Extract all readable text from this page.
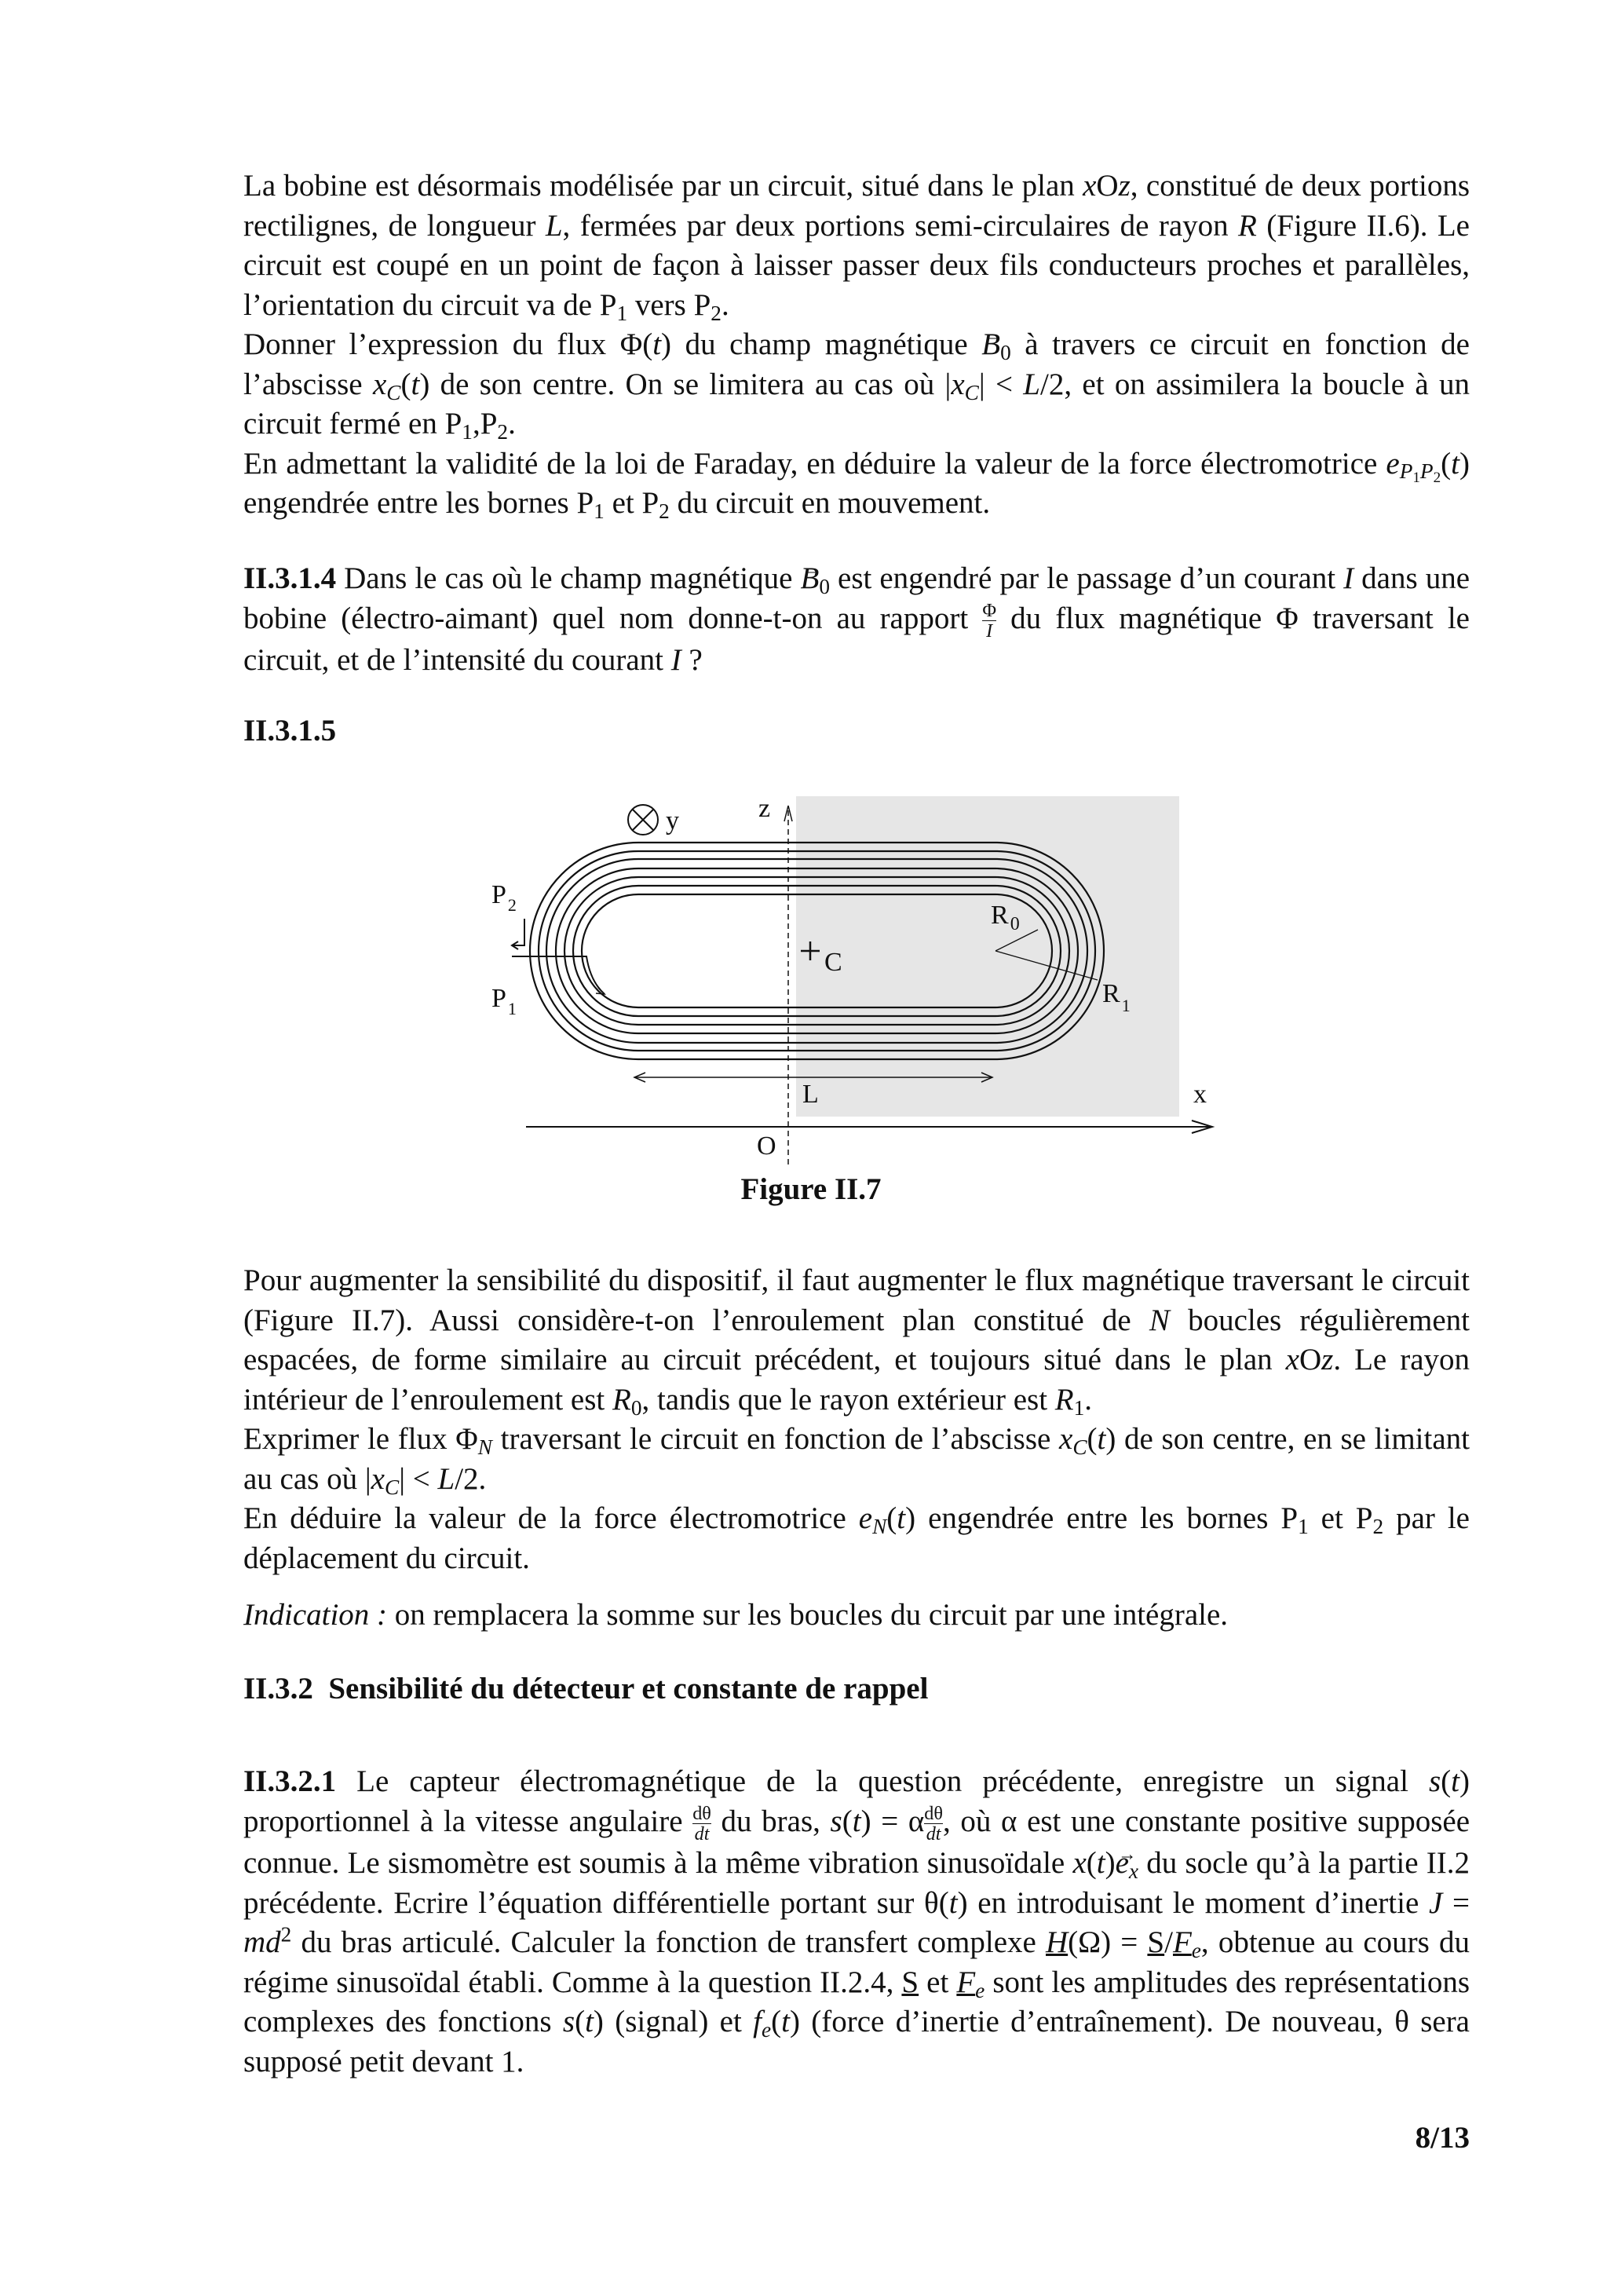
La bobine est désormais modélisée par un circuit, situé dans le plan xOz, constitué de deux portions rectilignes, de longueur L, fermées par deux portions semi-circulaires de rayon R (Figure II.6). Le circuit est coupé en un point de façon à laisser passer deux fils conducteurs proches et parallèles, l’orientation du circuit va de $P_1$ vers $P_2$.

Donner l’expression du flux Φ(t) du champ magnétique → $B_0$ à travers ce circuit en fonction de l’abscisse $x_C(t)$ de son centre. On se limitera au cas où $|x_C| < L/2$, et on assimilera la boucle à un circuit fermé en $P_1,P_2$.

En admettant la validité de la loi de Faraday, en déduire la valeur de la force électromotrice $e_{P_1P_2}(t)$ engendrée entre les bornes $P_1$ et $P_2$ du circuit en mouvement.

II.3.1.4 Dans le cas où le champ magnétique → $B_0$ est engendré par le passage d’un courant I dans une bobine (électro-aimant) quel nom donne-t-on au rapport $\frac{\Phi}{I}$ du flux magnétique Φ traversant le circuit, et de l’intensité du courant I ?

II.3.1.5
y	z
x
O
L
C
$P_2$
$P_1$
$R_0$
$R_1$
Figure II.7

Pour augmenter la sensibilité du dispositif, il faut augmenter le flux magnétique traversant le circuit (Figure II.7). Aussi considère-t-on l’enroulement plan constitué de N boucles régulièrement espacées, de forme similaire au circuit précédent, et toujours situé dans le plan xOz. Le rayon intérieur de l’enroulement est $R_0$, tandis que le rayon extérieur est $R_1$.

Exprimer le flux $\Phi_N$ traversant le circuit en fonction de l’abscisse $x_C(t)$ de son centre, en se limitant au cas où $|x_C| < L/2$.

En déduire la valeur de la force électromotrice $e_N(t)$ engendrée entre les bornes $P_1$ et $P_2$ par le déplacement du circuit.

Indication : on remplacera la somme sur les boucles du circuit par une intégrale.
II.3.2 Sensibilité du détecteur et constante de rappel

II.3.2.1 Le capteur électromagnétique de la question précédente, enregistre un signal s(t) proportionnel à la vitesse angulaire $\frac{d\theta}{dt}$ du bras, s(t) = α $\frac{d\theta}{dt}$ , où α est une constante positive supposée connue. Le sismomètre est soumis à la même vibration sinusoïdale $x(t)\to e_x$ du socle qu’à la partie II.2 précédente. Ecrire l’équation différentielle portant sur θ(t) en introduisant le moment d’inertie $J = md^2$ du bras articulé. Calculer la fonction de transfert complexe $H(\Omega) = S/F_e$, obtenue au cours du régime sinusoïdal établi. Comme à la question II.2.4, S et $F_e$ sont les amplitudes des représentations complexes des fonctions s(t) (signal) et $f_e(t)$ (force d’inertie d’entraînement). De nouveau, θ sera supposé petit devant 1.

8/13
